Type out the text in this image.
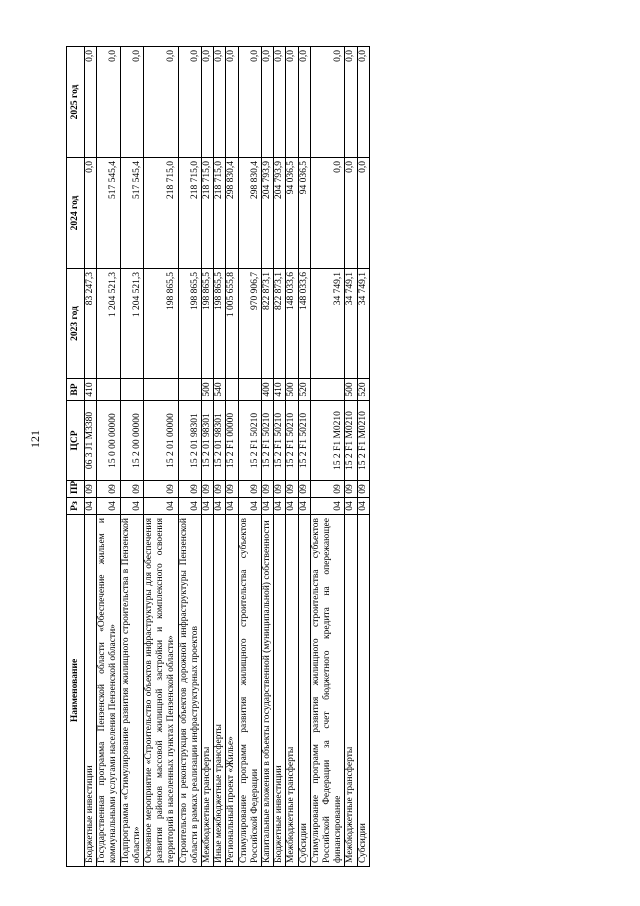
121
Наименование	Рз	ПР	ЦСР	ВР	2023 год	2024 год	2025 год
Бюджетные инвестиции	04	09	06 3 J1 M3380	410	83 247,3	0,0	0,0
Государственная программа Пензенской области «Обеспечение жильем и коммунальными услугами населения Пензенской области»	04	09	15 0 00 00000		1 204 521,3	517 545,4	0,0
Подпрограмма «Стимулирование развития жилищного строительства в Пензенской области»	04	09	15 2 00 00000		1 204 521,3	517 545,4	0,0
Основное мероприятие «Строительство объектов инфраструктуры для обеспечения развития районов массовой жилищной застройки и комплексного освоения территорий в населенных пунктах Пензенской области»	04	09	15 2 01 00000		198 865,5	218 715,0	0,0
Строительство и реконструкция объектов дорожной инфраструктуры Пензенской области в рамках реализации инфраструктурных проектов	04	09	15 2 01 98301		198 865,5	218 715,0	0,0
Межбюджетные трансферты	04	09	15 2 01 98301	500	198 865,5	218 715,0	0,0
Иные межбюджетные трансферты	04	09	15 2 01 98301	540	198 865,5	218 715,0	0,0
Региональный проект «Жилье»	04	09	15 2 F1 00000		1 005 655,8	298 830,4	0,0
Стимулирование программ развития жилищного строительства субъектов Российской Федерации	04	09	15 2 F1 50210		970 906,7	298 830,4	0,0
Капитальные вложения в объекты государственной (муниципальной) собственности	04	09	15 2 F1 50210	400	822 873,1	204 793,9	0,0
Бюджетные инвестиции	04	09	15 2 F1 50210	410	822 873,1	204 793,9	0,0
Межбюджетные трансферты	04	09	15 2 F1 50210	500	148 033,6	94 036,5	0,0
Субсидии	04	09	15 2 F1 50210	520	148 033,6	94 036,5	0,0
Стимулирование программ развития жилищного строительства субъектов Российской Федерации за счет бюджетного кредита на опережающее финансирование	04	09	15 2 F1 M0210		34 749,1	0,0	0,0
Межбюджетные трансферты	04	09	15 2 F1 M0210	500	34 749,1	0,0	0,0
Субсидии	04	09	15 2 F1 M0210	520	34 749,1	0,0	0,0
